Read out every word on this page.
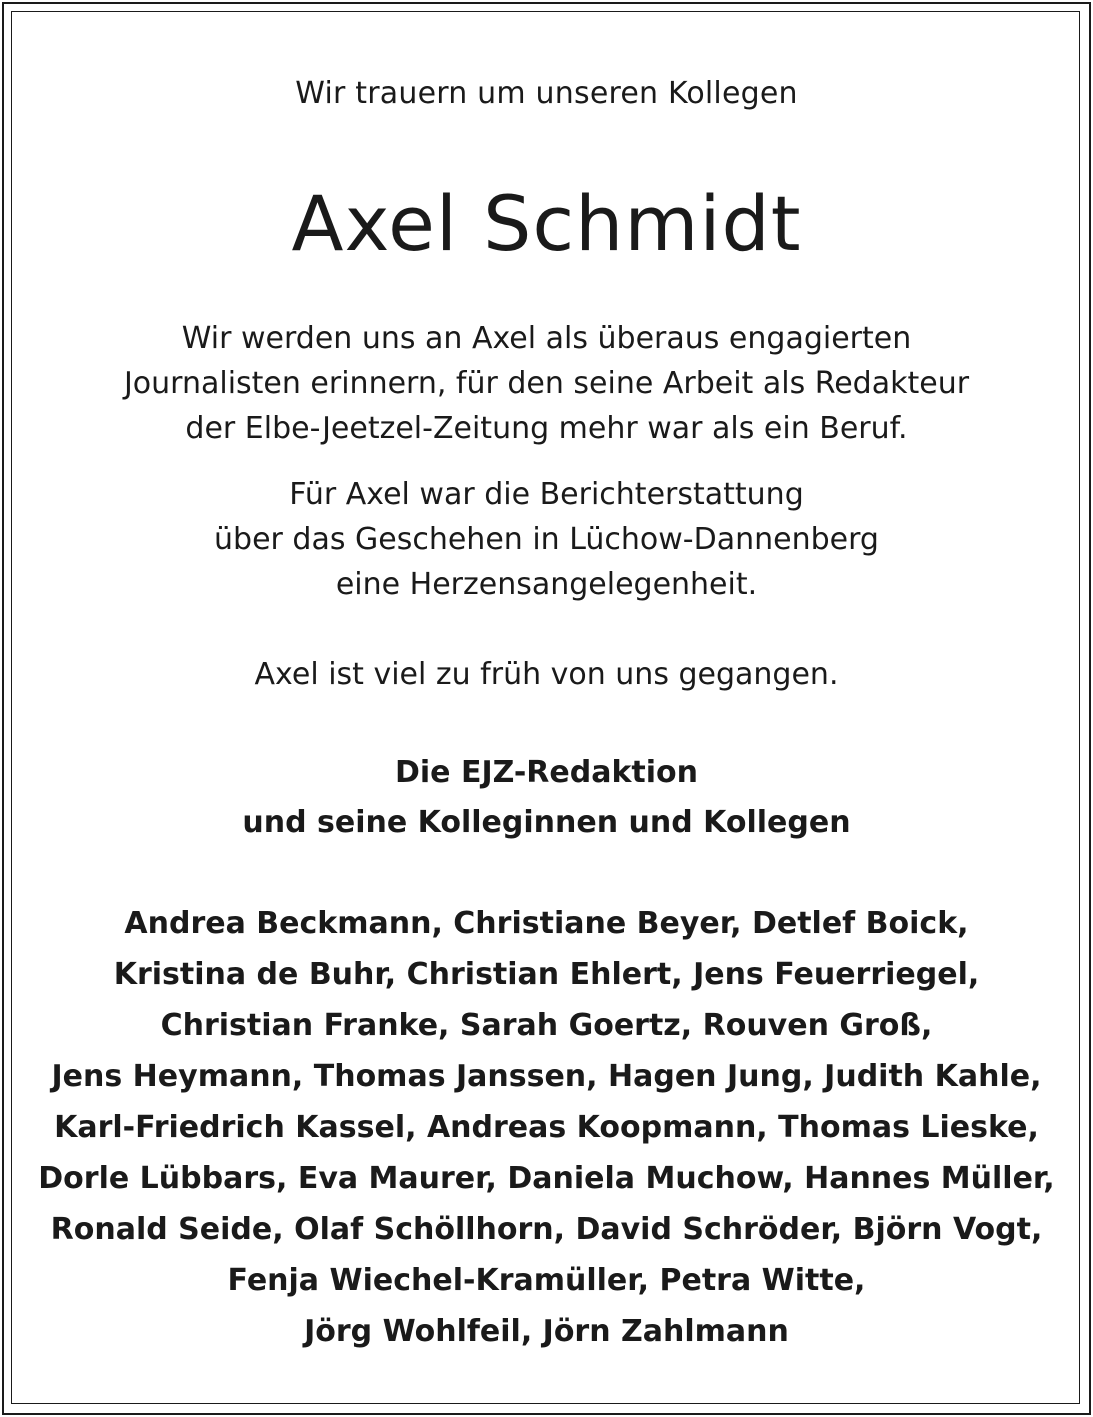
Wir trauern um unseren Kollegen
Axel Schmidt
Wir werden uns an Axel als überaus engagierten
Journalisten erinnern, für den seine Arbeit als Redakteur
der Elbe-Jeetzel-Zeitung mehr war als ein Beruf.
Für Axel war die Berichterstattung
über das Geschehen in Lüchow-Dannenberg
eine Herzensangelegenheit.
Axel ist viel zu früh von uns gegangen.
Die EJZ-Redaktion
und seine Kolleginnen und Kollegen
Andrea Beckmann, Christiane Beyer, Detlef Boick,
Kristina de Buhr, Christian Ehlert, Jens Feuerriegel,
Christian Franke, Sarah Goertz, Rouven Groß,
Jens Heymann, Thomas Janssen, Hagen Jung, Judith Kahle,
Karl-Friedrich Kassel, Andreas Koopmann, Thomas Lieske,
Dorle Lübbars, Eva Maurer, Daniela Muchow, Hannes Müller,
Ronald Seide, Olaf Schöllhorn, David Schröder, Björn Vogt,
Fenja Wiechel-Kramüller, Petra Witte,
Jörg Wohlfeil, Jörn Zahlmann
